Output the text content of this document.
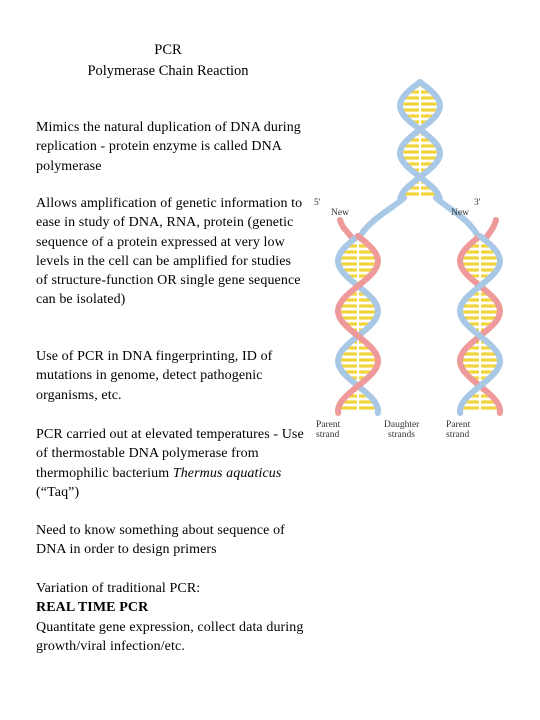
PCR
Polymerase Chain Reaction

Mimics the natural duplication of DNA during replication - protein enzyme is called DNA polymerase

Allows amplification of genetic information to ease in study of DNA, RNA, protein (genetic sequence of a protein expressed at very low levels in the cell can be amplified for studies of structure-function OR single gene sequence can be isolated)

Use of PCR in DNA fingerprinting, ID of mutations in genome, detect pathogenic organisms, etc.

PCR carried out at elevated temperatures - Use of thermostable DNA polymerase from thermophilic bacterium Thermus aquaticus (“Taq”)

Need to know something about sequence of DNA in order to design primers

Variation of traditional PCR:
REAL TIME PCR
Quantitate gene expression, collect data during growth/viral infection/etc.
5'
New
3'
New
Parent
strand
Daughter
strands
Parent
strand
